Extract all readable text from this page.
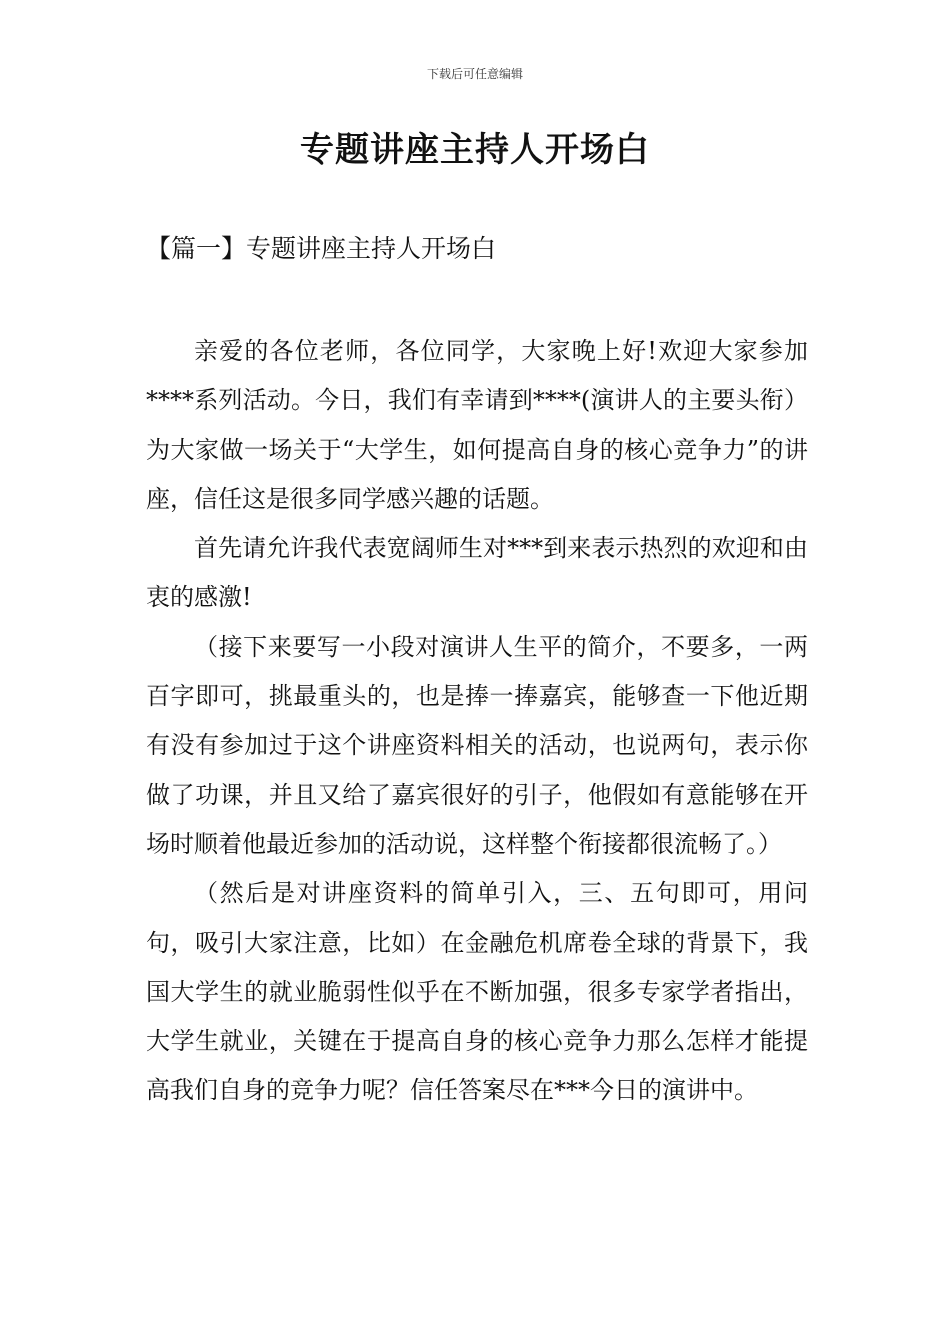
下载后可任意编辑
专题讲座主持人开场白
【篇一】专题讲座主持人开场白

亲爱的各位老师，各位同学，大家晚上好!欢迎大家参加****系列活动。今日，我们有幸请到****(演讲人的主要头衔）为大家做一场关于“大学生，如何提高自身的核心竞争力”的讲座，信任这是很多同学感兴趣的话题。

首先请允许我代表宽阔师生对***到来表示热烈的欢迎和由衷的感激!

（接下来要写一小段对演讲人生平的简介，不要多，一两百字即可，挑最重头的，也是捧一捧嘉宾，能够查一下他近期有没有参加过于这个讲座资料相关的活动，也说两句，表示你做了功课，并且又给了嘉宾很好的引子，他假如有意能够在开场时顺着他最近参加的活动说，这样整个衔接都很流畅了。）

（然后是对讲座资料的简单引入，三、五句即可，用问句，吸引大家注意，比如）在金融危机席卷全球的背景下，我国大学生的就业脆弱性似乎在不断加强，很多专家学者指出，大学生就业，关键在于提高自身的核心竞争力那么怎样才能提高我们自身的竞争力呢？信任答案尽在***今日的演讲中。
